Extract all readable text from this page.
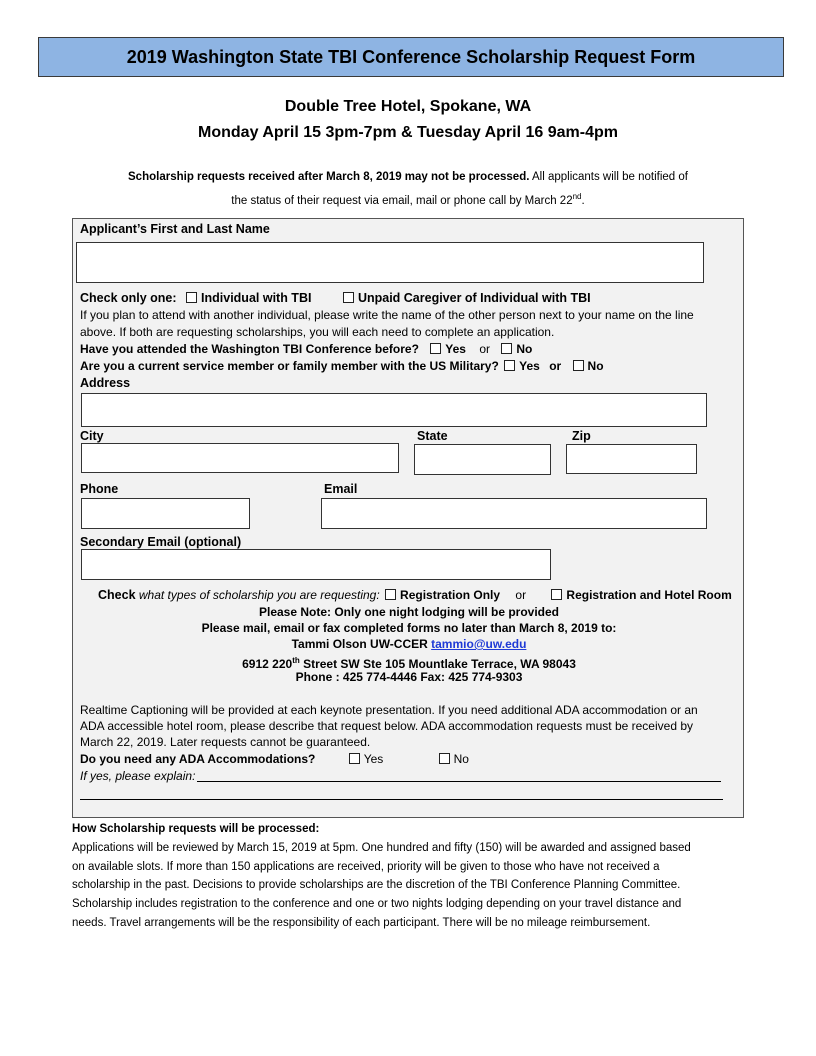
2019 Washington State TBI Conference Scholarship Request Form
Double Tree Hotel, Spokane, WA
Monday April 15 3pm-7pm & Tuesday April 16 9am-4pm
Scholarship requests received after March 8, 2019 may not be processed. All applicants will be notified of the status of their request via email, mail or phone call by March 22nd.
Applicant’s First and Last Name
Check only one: Individual with TBI	Unpaid Caregiver of Individual with TBI
If you plan to attend with another individual, please write the name of the other person next to your name on the line
above. If both are requesting scholarships, you will each need to complete an application.
Have you attended the Washington TBI Conference before? Yes or No
Are you a current service member or family member with the US Military? Yes or No
Address
City	State	Zip
Phone	Email
Secondary Email (optional)
Check what types of scholarship you are requesting: Registration Only or	Registration and Hotel Room
Please Note: Only one night lodging will be provided
Please mail, email or fax completed forms no later than March 8, 2019 to:
Tammi Olson UW-CCER tammio@uw.edu
6912 220th Street SW Ste 105 Mountlake Terrace, WA 98043
Phone : 425 774-4446 Fax: 425 774-9303
Realtime Captioning will be provided at each keynote presentation. If you need additional ADA accommodation or an
ADA accessible hotel room, please describe that request below. ADA accommodation requests must be received by
March 22, 2019. Later requests cannot be guaranteed.
Do you need any ADA Accommodations?	Yes	No
If yes, please explain:
How Scholarship requests will be processed:
Applications will be reviewed by March 15, 2019 at 5pm. One hundred and fifty (150) will be awarded and assigned based
on available slots. If more than 150 applications are received, priority will be given to those who have not received a
scholarship in the past. Decisions to provide scholarships are the discretion of the TBI Conference Planning Committee.
Scholarship includes registration to the conference and one or two nights lodging depending on your travel distance and
needs. Travel arrangements will be the responsibility of each participant. There will be no mileage reimbursement.
